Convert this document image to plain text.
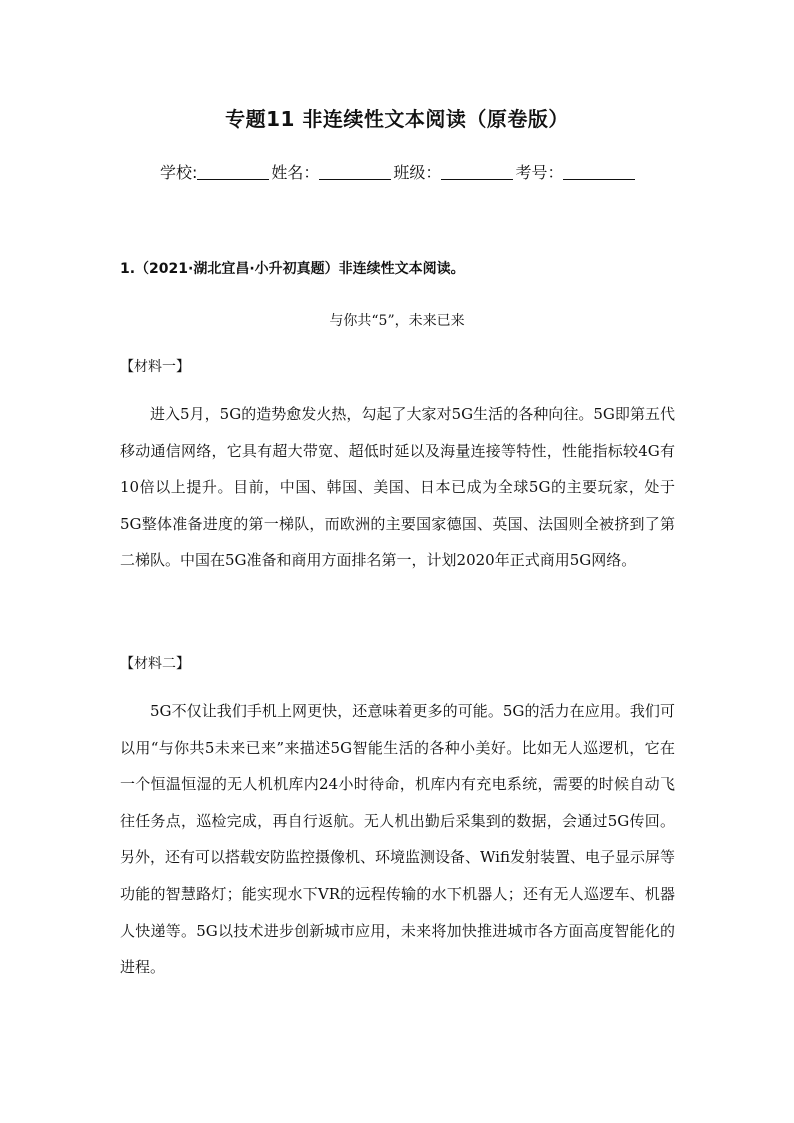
专题11 非连续性文本阅读（原卷版）
学校:	姓名：	班级：	考号：
1.（2021·湖北宜昌·小升初真题）非连续性文本阅读。
与你共“5”，未来已来
【材料一】

进入5月，5G的造势愈发火热，勾起了大家对5G生活的各种向往。5G即第五代移动通信网络，它具有超大带宽、超低时延以及海量连接等特性，性能指标较4G有10倍以上提升。目前，中国、韩国、美国、日本已成为全球5G的主要玩家，处于5G整体准备进度的第一梯队，而欧洲的主要国家德国、英国、法国则全被挤到了第二梯队。中国在5G准备和商用方面排名第一，计划2020年正式商用5G网络。

【材料二】

5G不仅让我们手机上网更快，还意味着更多的可能。5G的活力在应用。我们可以用“与你共5未来已来”来描述5G智能生活的各种小美好。比如无人巡逻机，它在一个恒温恒湿的无人机机库内24小时待命，机库内有充电系统，需要的时候自动飞往任务点，巡检完成，再自行返航。无人机出勤后采集到的数据，会通过5G传回。另外，还有可以搭载安防监控摄像机、环境监测设备、Wifi发射装置、电子显示屏等功能的智慧路灯；能实现水下VR的远程传输的水下机器人；还有无人巡逻车、机器人快递等。5G以技术进步创新城市应用，未来将加快推进城市各方面高度智能化的进程。
